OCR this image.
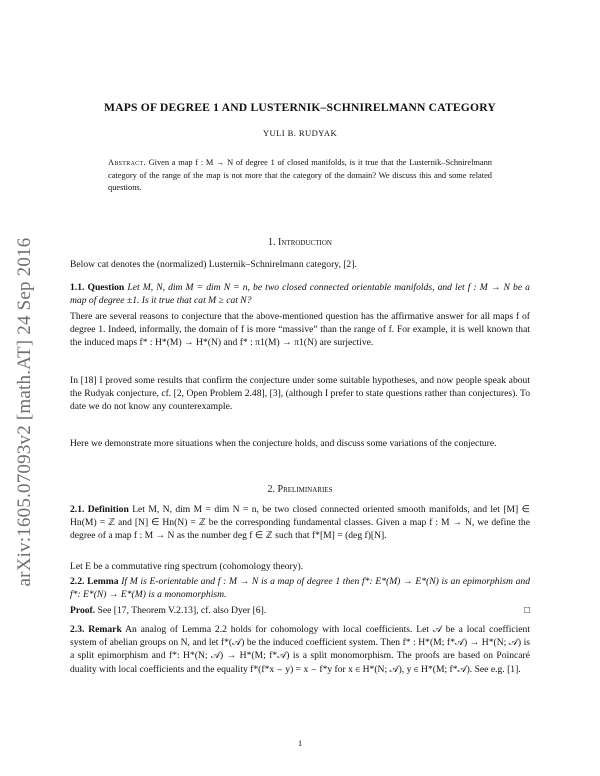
arXiv:1605.07093v2 [math.AT] 24 Sep 2016
MAPS OF DEGREE 1 AND LUSTERNIK–SCHNIRELMANN CATEGORY
YULI B. RUDYAK
Abstract. Given a map f : M → N of degree 1 of closed manifolds, is it true that the Lusternik–Schnirelmann category of the range of the map is not more that the category of the domain? We discuss this and some related questions.
1. Introduction
Below cat denotes the (normalized) Lusternik–Schnirelmann category, [2].
1.1. Question Let M, N, dim M = dim N = n, be two closed connected orientable manifolds, and let f : M → N be a map of degree ±1. Is it true that cat M ≥ cat N?
There are several reasons to conjecture that the above-mentioned question has the affirmative answer for all maps f of degree 1. Indeed, informally, the domain of f is more “massive” than the range of f. For example, it is well known that the induced maps f* : H*(M) → H*(N) and f* : π1(M) → π1(N) are surjective.
In [18] I proved some results that confirm the conjecture under some suitable hypotheses, and now people speak about the Rudyak conjecture, cf. [2, Open Problem 2.48], [3], (although I prefer to state questions rather than conjectures). To date we do not know any counterexample.
Here we demonstrate more situations when the conjecture holds, and discuss some variations of the conjecture.
2. Preliminaries
2.1. Definition Let M, N, dim M = dim N = n, be two closed connected oriented smooth manifolds, and let [M] ∈ Hn(M) = ℤ and [N] ∈ Hn(N) = ℤ be the corresponding fundamental classes. Given a map f : M → N, we define the degree of a map f : M → N as the number deg f ∈ ℤ such that f*[M] = (deg f)[N].
Let E be a commutative ring spectrum (cohomology theory).
2.2. Lemma If M is E-orientable and f : M → N is a map of degree 1 then f*: E*(M) → E*(N) is an epimorphism and f*: E*(N) → E*(M) is a monomorphism.
Proof. See [17, Theorem V.2.13], cf. also Dyer [6].	□
2.3. Remark An analog of Lemma 2.2 holds for cohomology with local coefficients. Let 𝒜 be a local coefficient system of abelian groups on N, and let f*(𝒜) be the induced coefficient system. Then f* : H*(M; f*𝒜) → H*(N; 𝒜) is a split epimorphism and f*: H*(N; 𝒜) → H*(M; f*𝒜) is a split monomorphism. The proofs are based on Poincaré duality with local coefficients and the equality f*(f*x ⌢ y) = x ⌢ f*y for x ∈ H*(N; 𝒜), y ∈ H*(M; f*𝒜). See e.g. [1].
1
